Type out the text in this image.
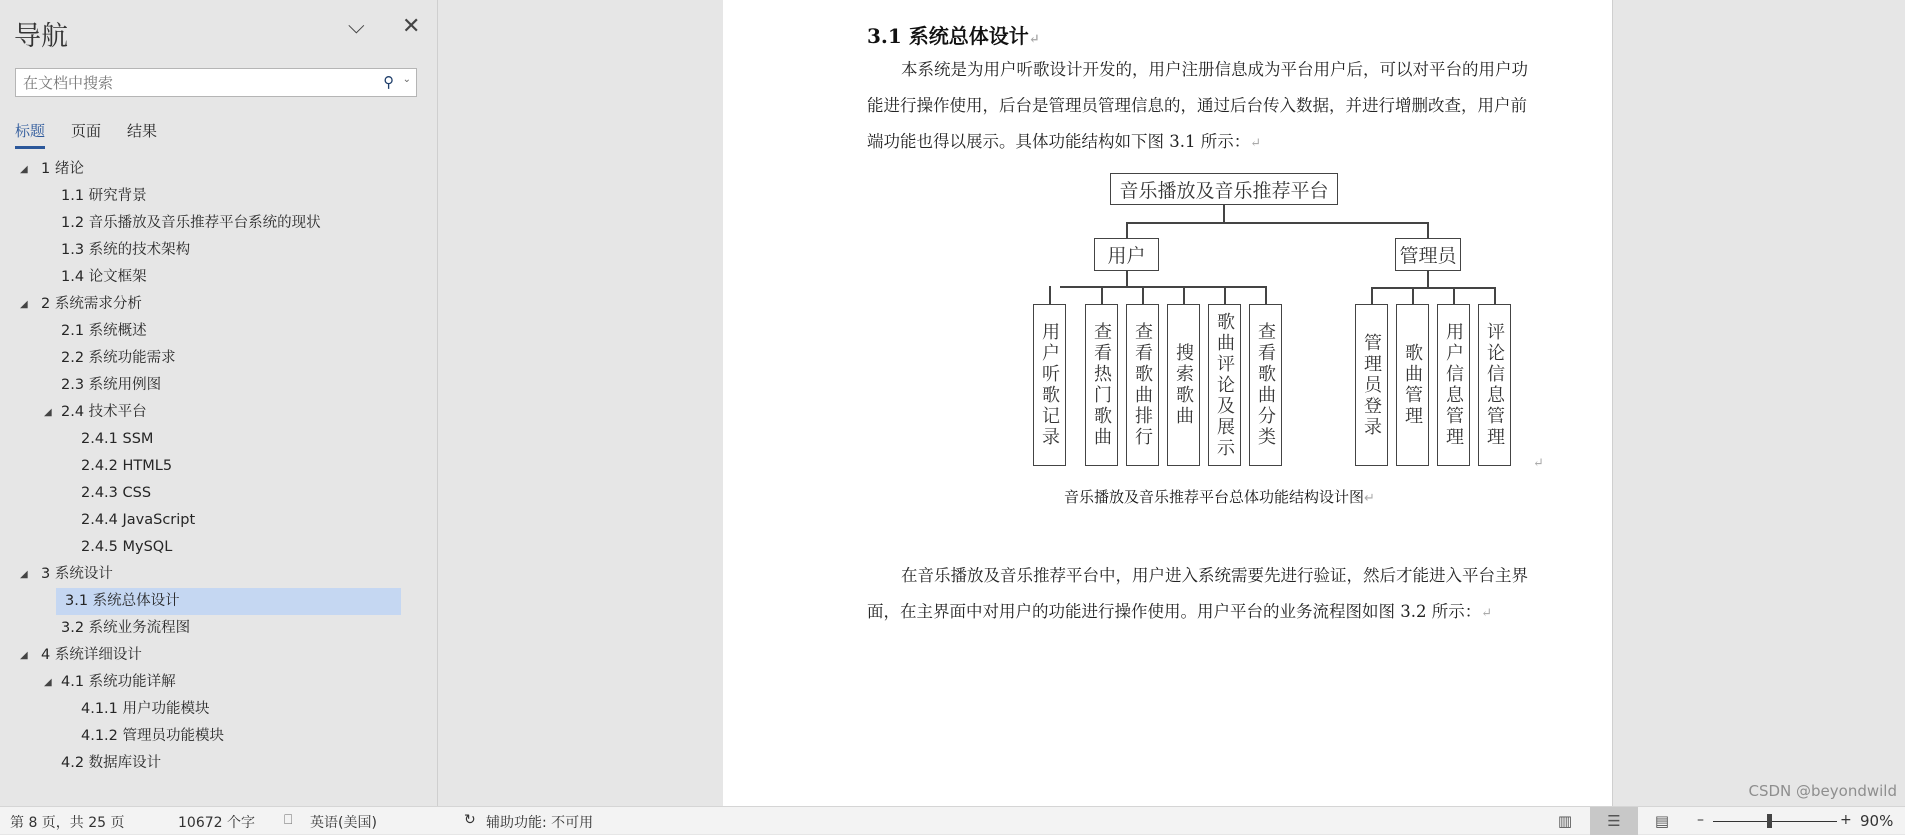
导航	⌵ ✕
在文档中搜索
⚲ ⌄
标题 页面 结果
◢ 1 绪论
1.1 研究背景
1.2 音乐播放及音乐推荐平台系统的现状
1.3 系统的技术架构
1.4 论文框架
◢ 2 系统需求分析
2.1 系统概述
2.2 系统功能需求
2.3 系统用例图
◢ 2.4 技术平台
2.4.1 SSM
2.4.2 HTML5
2.4.3 CSS
2.4.4 JavaScript
2.4.5 MySQL
◢ 3 系统设计
3.1 系统总体设计
3.2 系统业务流程图
◢ 4 系统详细设计
◢ 4.1 系统功能详解
4.1.1 用户功能模块
4.1.2 管理员功能模块
4.2 数据库设计
3.1 系统总体设计↵
本系统是为用户听歌设计开发的，用户注册信息成为平台用户后，可以对平台的用户功能进行操作使用，后台是管理员管理信息的，通过后台传入数据，并进行增删改查，用户前端功能也得以展示。具体功能结构如下图 3.1 所示：↵
音乐播放及音乐推荐平台
用户	管理员
用户听歌记录	查看热门歌曲	查看歌曲排行	搜索歌曲	歌曲评论及展示	查看歌曲分类	管理员登录	歌曲管理	用户信息管理	评论信息管理
↵
音乐播放及音乐推荐平台总体功能结构设计图↵
在音乐播放及音乐推荐平台中，用户进入系统需要先进行验证，然后才能进入平台主界面，在主界面中对用户的功能进行操作使用。用户平台的业务流程图如图 3.2 所示：↵
CSDN @beyondwild
第 8 页，共 25 页	10672 个字 ⎕ 英语(美国)	↻ 辅助功能: 不可用	▥ ☰ ▤ –	+ 90%
